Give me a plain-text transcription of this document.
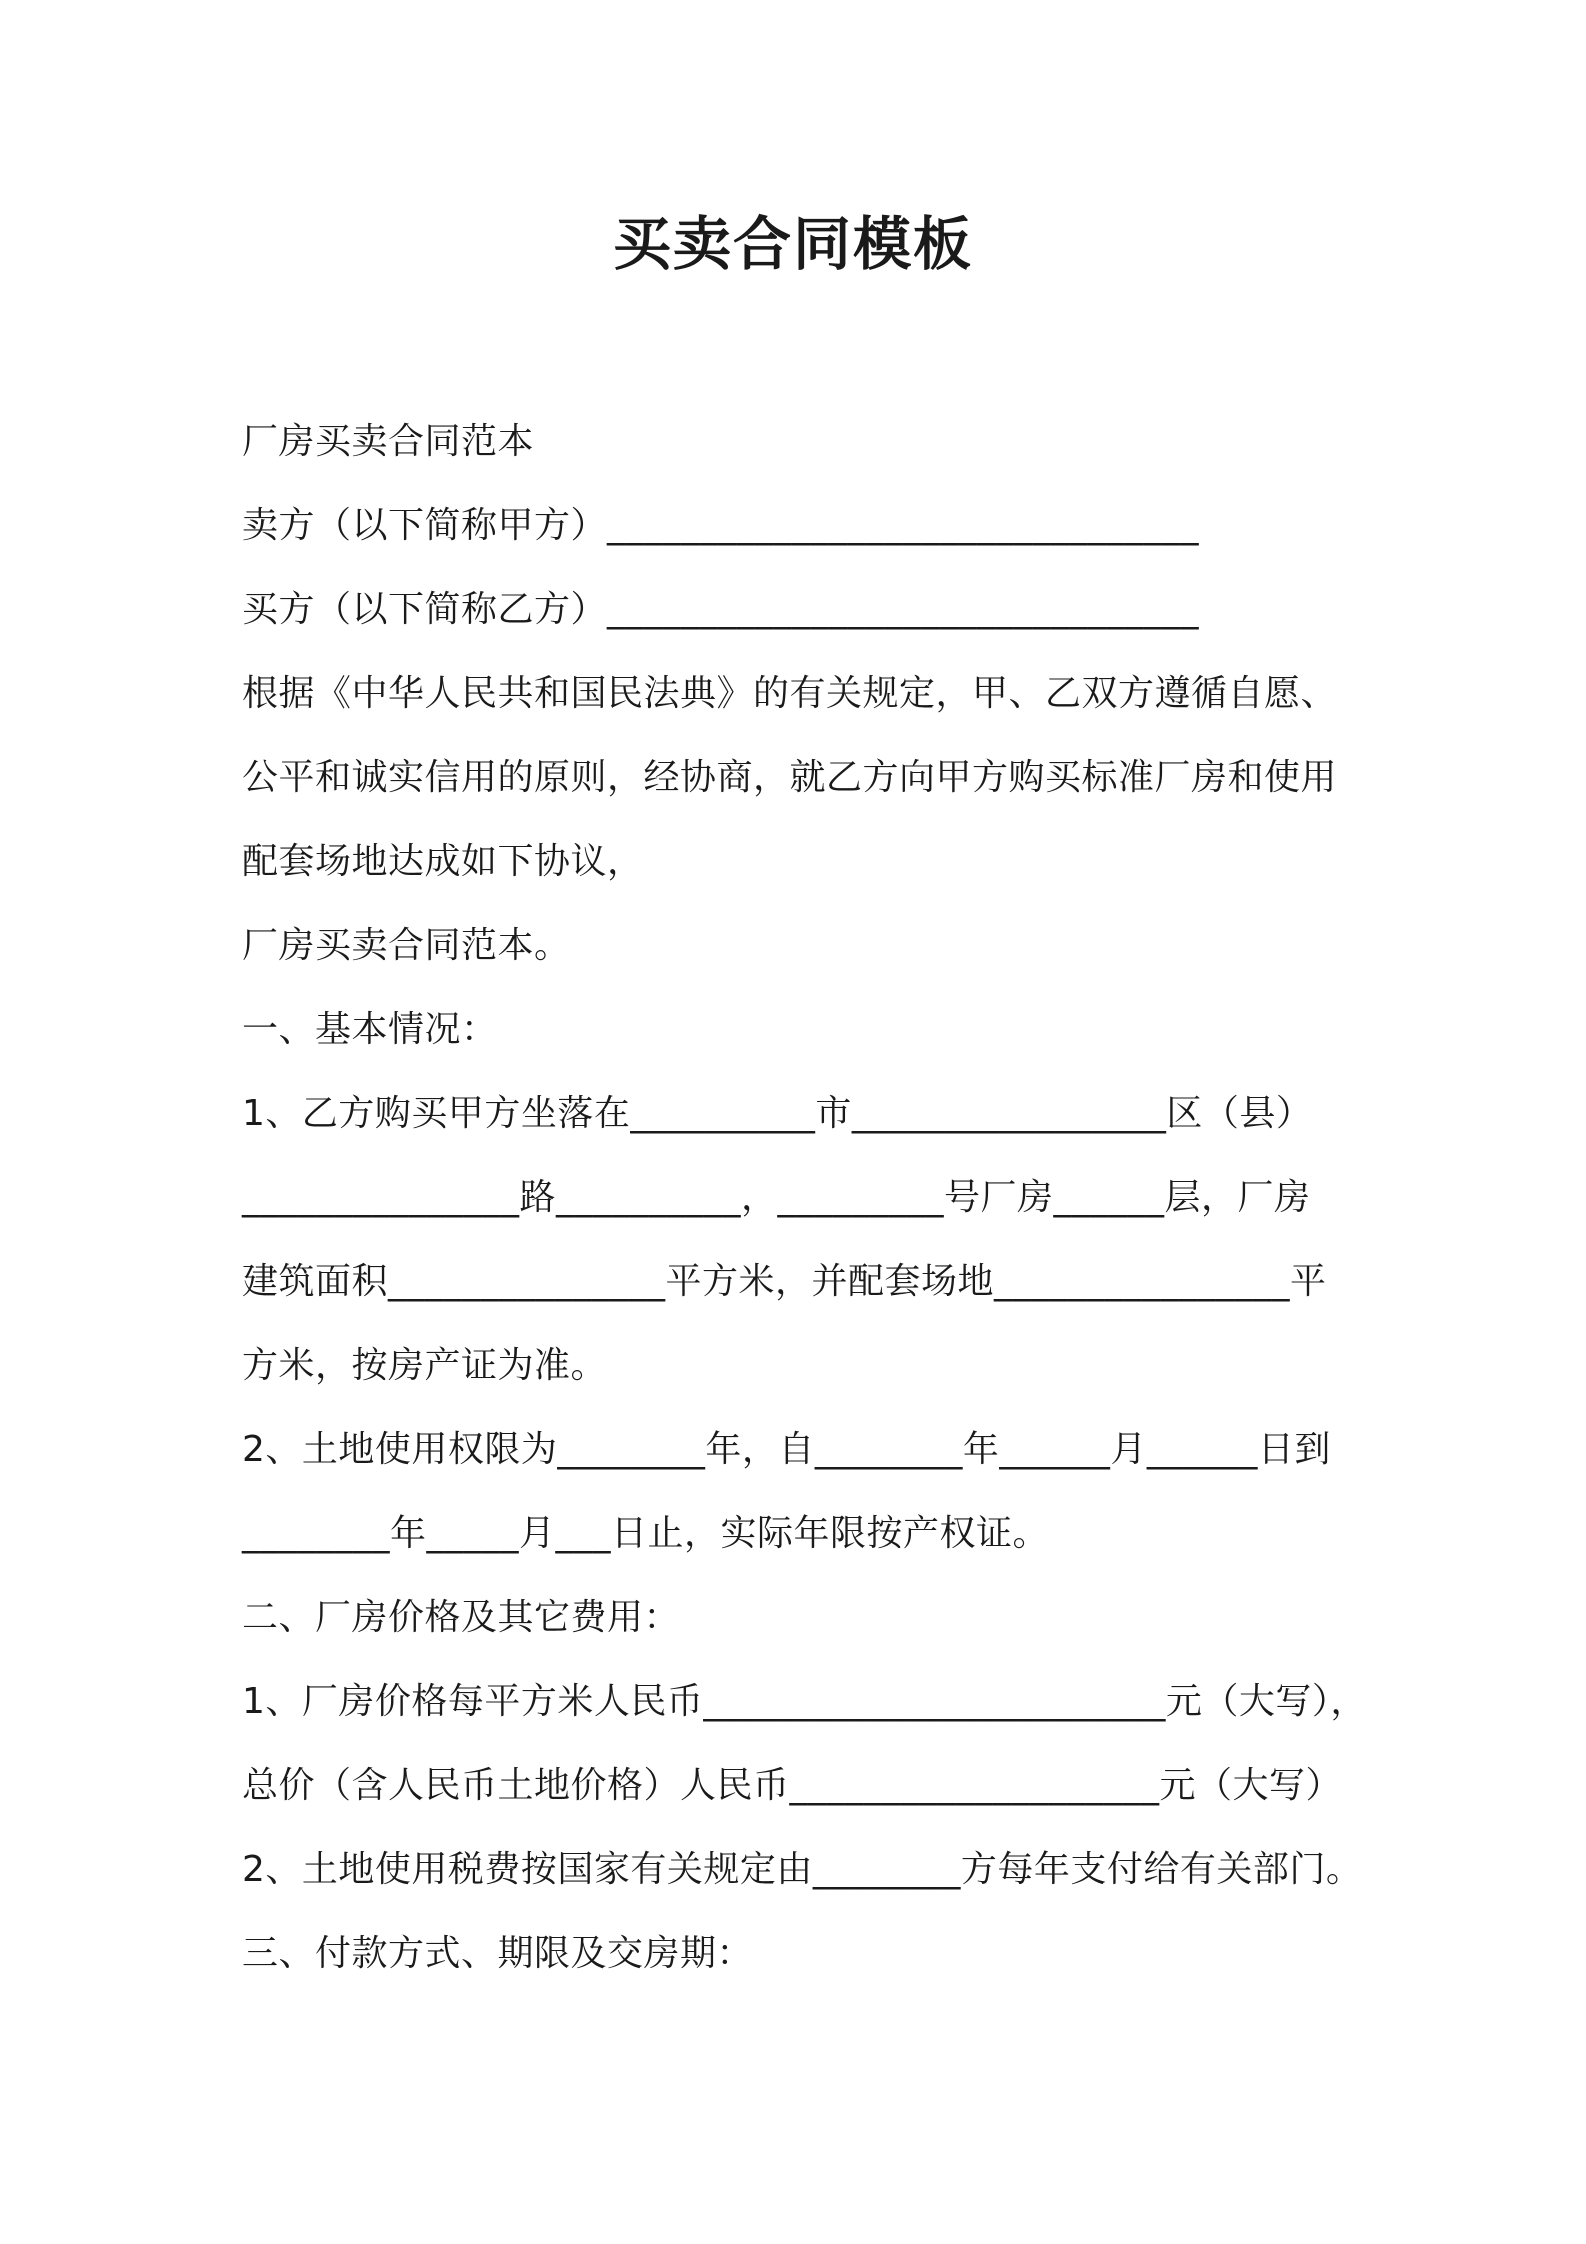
买卖合同模板
厂房买卖合同范本
卖方（以下简称甲方）________________________________
买方（以下简称乙方）________________________________
根据《中华人民共和国民法典》的有关规定，甲、乙双方遵循自愿、
公平和诚实信用的原则，经协商，就乙方向甲方购买标准厂房和使用
配套场地达成如下协议，
厂房买卖合同范本。
一、基本情况：
1、乙方购买甲方坐落在__________市_________________区（县）
_______________路__________，_________号厂房______层，厂房
建筑面积_______________平方米，并配套场地________________平
方米，按房产证为准。
2、土地使用权限为________年，自________年______月______日到
________年_____月___日止，实际年限按产权证。
二、厂房价格及其它费用：
1、厂房价格每平方米人民币_________________________元（大写），
总价（含人民币土地价格）人民币____________________元（大写）
2、土地使用税费按国家有关规定由________方每年支付给有关部门。
三、付款方式、期限及交房期：
